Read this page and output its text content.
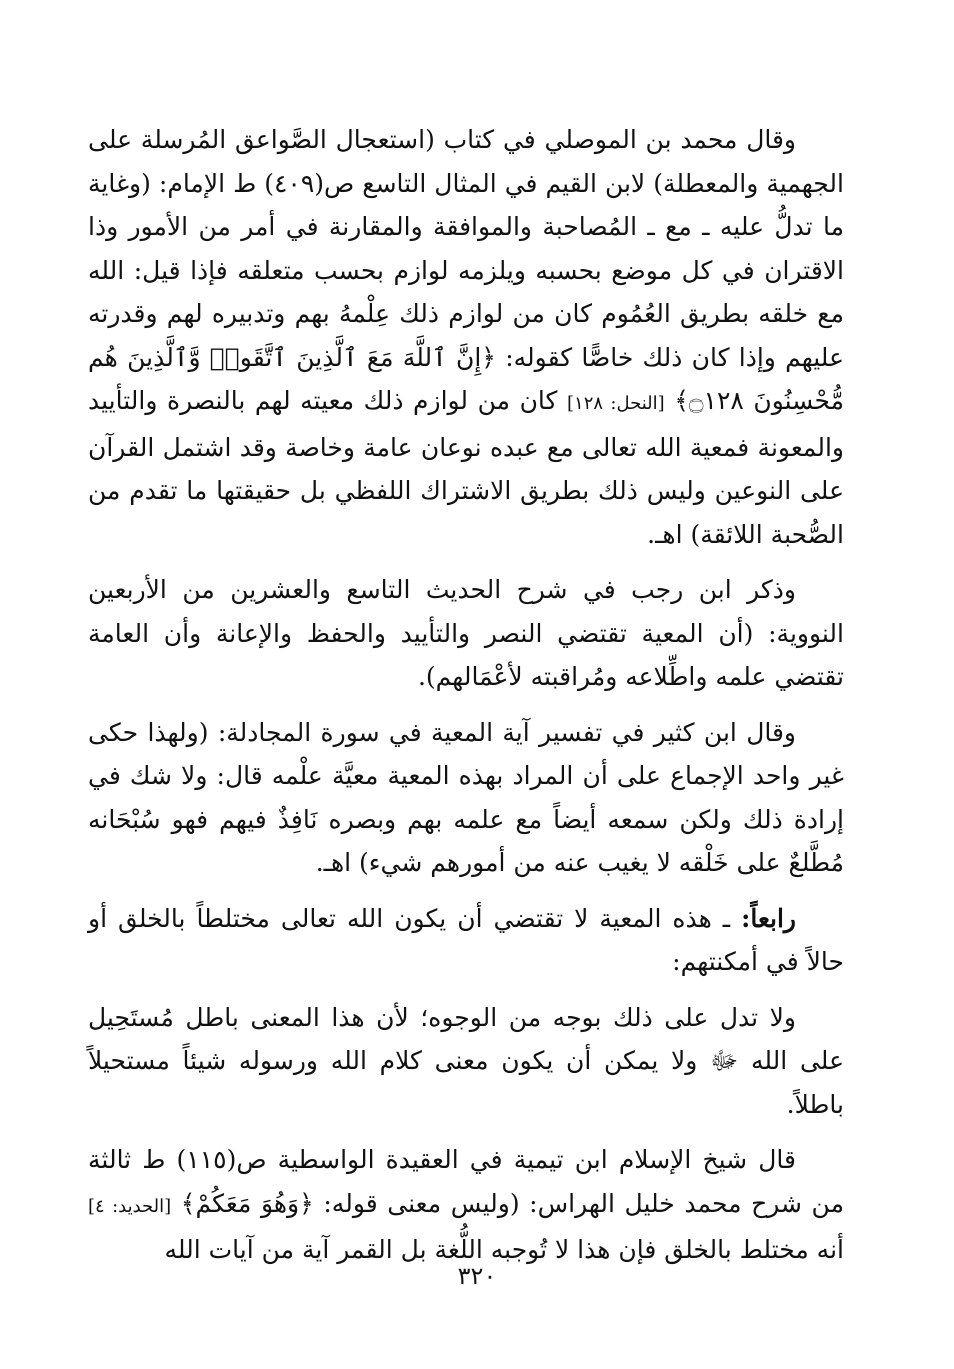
وقال محمد بن الموصلي في كتاب (استعجال الصَّواعق المُرسلة على الجهمية والمعطلة) لابن القيم في المثال التاسع ص(٤٠٩) ط الإمام: (وغاية ما تدلُّ عليه ـ مع ـ المُصاحبة والموافقة والمقارنة في أمر من الأمور وذا الاقتران في كل موضع بحسبه ويلزمه لوازم بحسب متعلقه فإذا قيل: الله مع خلقه بطريق العُمُوم كان من لوازم ذلك عِلْمهُ بهم وتدبيره لهم وقدرته عليهم وإذا كان ذلك خاصًّا كقوله: ﴿إِنَّ ٱللَّهَ مَعَ ٱلَّذِينَ ٱتَّقَوا۟ وَّٱلَّذِينَ هُم مُّحْسِنُونَ ۝١٢٨﴾ [النحل: ١٢٨] كان من لوازم ذلك معيته لهم بالنصرة والتأييد والمعونة فمعية الله تعالى مع عبده نوعان عامة وخاصة وقد اشتمل القرآن على النوعين وليس ذلك بطريق الاشتراك اللفظي بل حقيقتها ما تقدم من الصُّحبة اللائقة) اهـ.

وذكر ابن رجب في شرح الحديث التاسع والعشرين من الأربعين النووية: (أن المعية تقتضي النصر والتأييد والحفظ والإعانة وأن العامة تقتضي علمه واطِّلاعه ومُراقبته لأعْمَالهم).

وقال ابن كثير في تفسير آية المعية في سورة المجادلة: (ولهذا حكى غير واحد الإجماع على أن المراد بهذه المعية معيَّة علْمه قال: ولا شك في إرادة ذلك ولكن سمعه أيضاً مع علمه بهم وبصره نَافِذٌ فيهم فهو سُبْحَانه مُطَّلعٌ على خَلْقه لا يغيب عنه من أمورهم شيء) اهـ.

رابعاً: ـ هذه المعية لا تقتضي أن يكون الله تعالى مختلطاً بالخلق أو حالاً في أمكنتهم:

ولا تدل على ذلك بوجه من الوجوه؛ لأن هذا المعنى باطل مُستَحِيل على الله ﷻ ولا يمكن أن يكون معنى كلام الله ورسوله شيئاً مستحيلاً باطلاً.

قال شيخ الإسلام ابن تيمية في العقيدة الواسطية ص(١١٥) ط ثالثة من شرح محمد خليل الهراس: (وليس معنى قوله: ﴿وَهُوَ مَعَكُمْ﴾ [الحديد: ٤] أنه مختلط بالخلق فإن هذا لا تُوجبه اللُّغة بل القمر آية من آيات الله

٣٢٠
